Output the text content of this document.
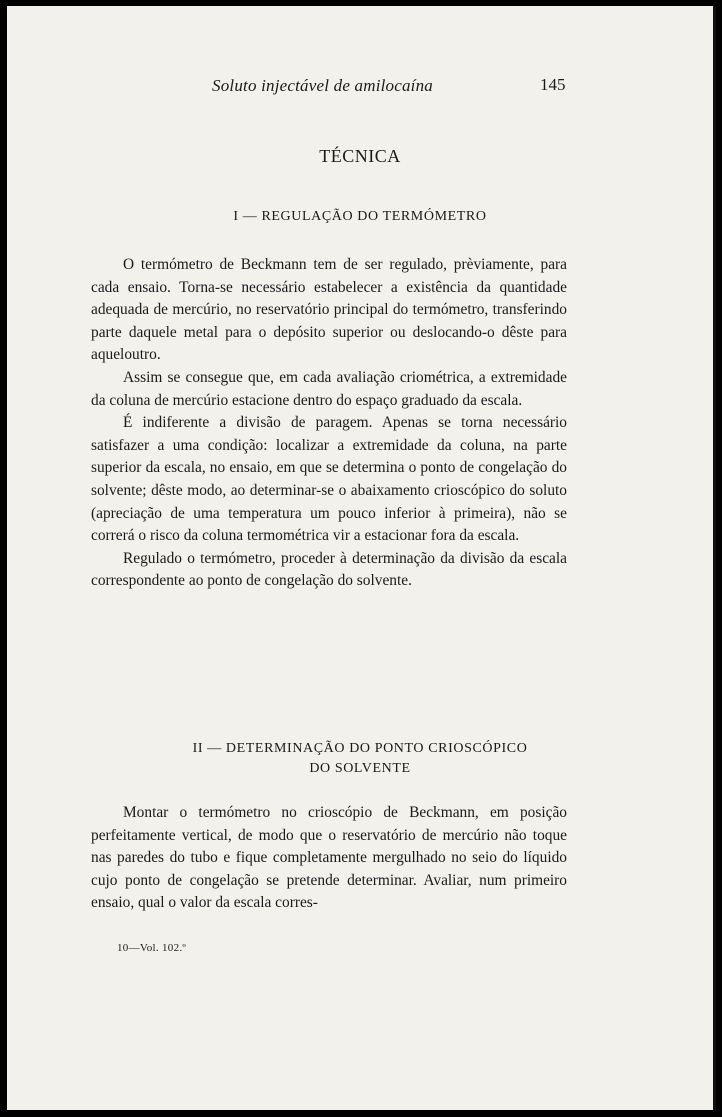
Soluto injectável de amilocaína	145
TÉCNICA
I — REGULAÇÃO DO TERMÓMETRO

O termómetro de Beckmann tem de ser regulado, prèviamente, para cada ensaio. Torna-se necessário estabelecer a existência da quantidade adequada de mercúrio, no reservatório principal do termómetro, transferindo parte daquele metal para o depósito superior ou deslocando-o dêste para aqueloutro.

Assim se consegue que, em cada avaliação criométrica, a extremidade da coluna de mercúrio estacione dentro do espaço graduado da escala.

É indiferente a divisão de paragem. Apenas se torna necessário satisfazer a uma condição: localizar a extremidade da coluna, na parte superior da escala, no ensaio, em que se determina o ponto de congelação do solvente; dêste modo, ao determinar-se o abaixamento crioscópico do soluto (apreciação de uma temperatura um pouco inferior à primeira), não se correrá o risco da coluna termométrica vir a estacionar fora da escala.

Regulado o termómetro, proceder à determinação da divisão da escala correspondente ao ponto de congelação do solvente.

II — DETERMINAÇÃO DO PONTO CRIOSCÓPICO
DO SOLVENTE

Montar o termómetro no crioscópio de Beckmann, em posição perfeitamente vertical, de modo que o reservatório de mercúrio não toque nas paredes do tubo e fique completamente mergulhado no seio do líquido cujo ponto de congelação se pretende determinar. Avaliar, num primeiro ensaio, qual o valor da escala corres-

10—Vol. 102.º
